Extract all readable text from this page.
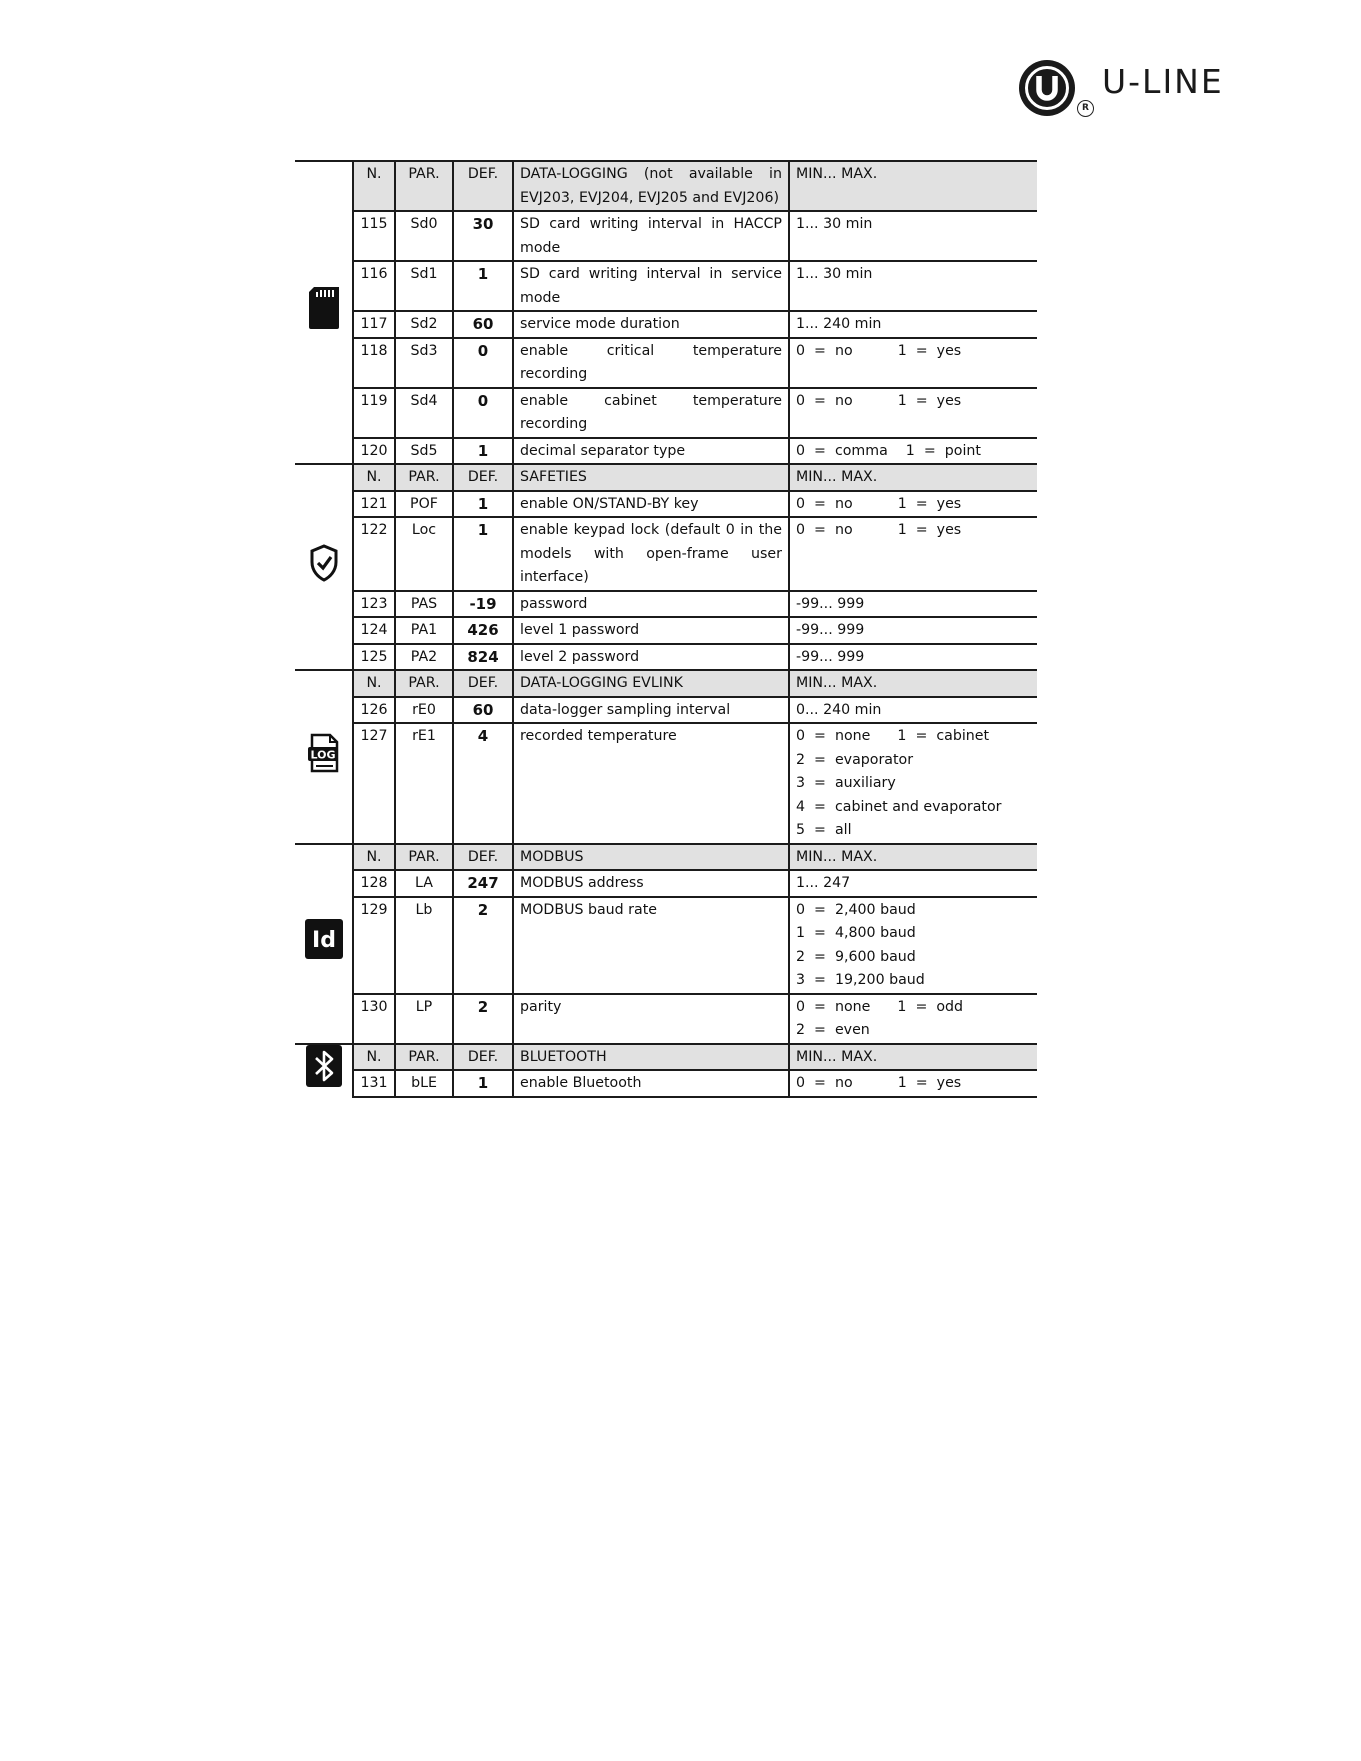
R
U-LINE
	N.	PAR.	DEF.	DATA-LOGGING (not available in EVJ203, EVJ204, EVJ205 and EVJ206)	MIN... MAX.
	115	Sd0	30	SD card writing interval in HACCP mode	1... 30 min

	116	Sd1	1	SD card writing interval in service mode	1... 30 min

	117	Sd2	60	service mode duration	1... 240 min

	118	Sd3	0	enable critical temperature recording	0  =  no          1  =  yes

	119	Sd4	0	enable cabinet temperature recording	0  =  no          1  =  yes

	120	Sd5	1	decimal separator type	0  =  comma    1  =  point

	N.	PAR.	DEF.	SAFETIES	MIN... MAX.
	121	POF	1	enable ON/STAND-BY key	0  =  no          1  =  yes

	122	Loc	1	enable keypad lock (default 0 in the models with open-frame user interface)	0  =  no          1  =  yes

	123	PAS	-19	password	-99... 999

	124	PA1	426	level 1 password	-99... 999

	125	PA2	824	level 2 password	-99... 999

LOG	N.	PAR.	DEF.	DATA-LOGGING EVLINK	MIN... MAX.
	126	rE0	60	data-logger sampling interval	0... 240 min

	127	rE1	4	recorded temperature	0  =  none      1  =  cabinet
2  =  evaporator
3  =  auxiliary
4  =  cabinet and evaporator
5  =  all

Id	N.	PAR.	DEF.	MODBUS	MIN... MAX.
	128	LA	247	MODBUS address	1... 247

	129	Lb	2	MODBUS baud rate	0  =  2,400 baud
1  =  4,800 baud
2  =  9,600 baud
3  =  19,200 baud

	130	LP	2	parity	0  =  none      1  =  odd
2  =  even

	N.	PAR.	DEF.	BLUETOOTH	MIN... MAX.
	131	bLE	1	enable Bluetooth	0  =  no          1  =  yes
